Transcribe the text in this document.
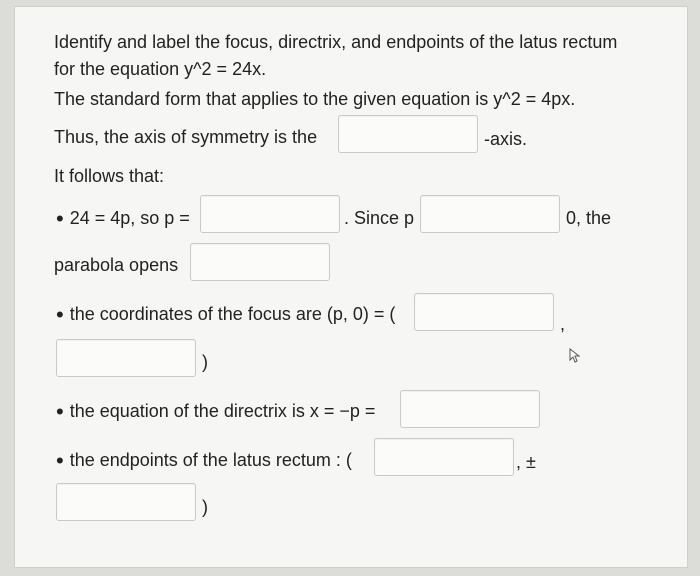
Identify and label the focus, directrix, and endpoints of the latus rectum
for the equation y^2 = 24x.
The standard form that applies to the given equation is y^2 = 4px.
Thus, the axis of symmetry is the	-axis.
It follows that:
• 24 = 4p, so p =	. Since p	0, the
parabola opens
• the coordinates of the focus are (p, 0) = (	,
)
• the equation of the directrix is x = −p =
• the endpoints of the latus rectum : (	, ±
)
